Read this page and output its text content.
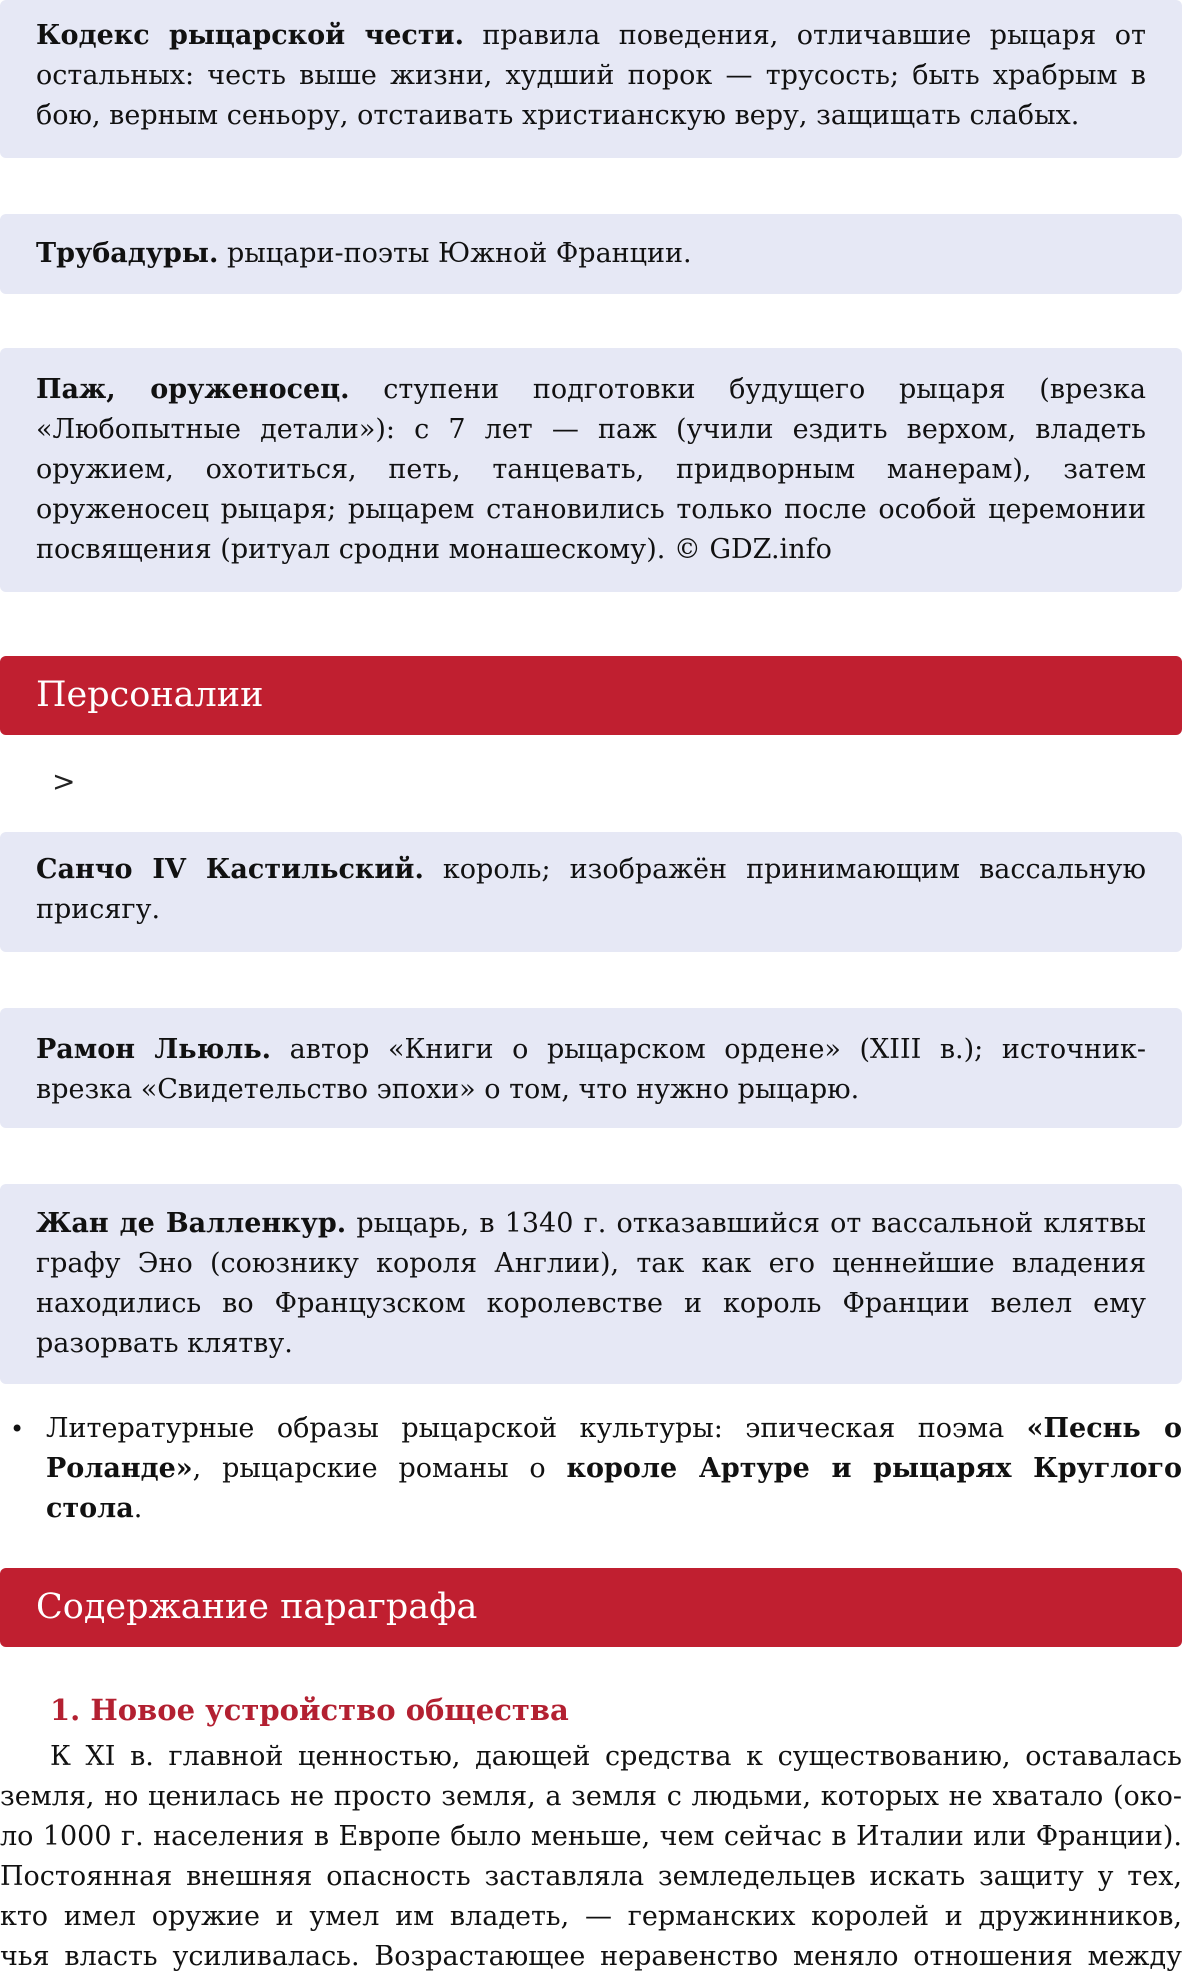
Кодекс рыцарской чести. правила поведения, отличавшие рыцаря от остальных: честь выше жизни, худший порок — трусость; быть храбрым в бою, верным сеньору, отстаивать христианскую веру, защищать слабых.
Трубадуры. рыцари-поэты Южной Франции.
Паж, оруженосец. ступени подготовки будущего рыцаря (врезка «Любопытные детали»): с 7 лет — паж (учили ездить верхом, владеть оружием, охотиться, петь, танцевать, придворным манерам), затем оруженосец рыцаря; рыцарем становились только после особой церемонии посвящения (ритуал сродни монашескому). © GDZ.info
Персоналии
>
Санчо IV Кастильский. король; изображён принимающим вассальную присягу.
Рамон Льюль. автор «Книги о рыцарском ордене» (XIII в.); источник-врезка «Свидетельство эпохи» о том, что нужно рыцарю.
Жан де Валленкур. рыцарь, в 1340 г. отказавшийся от вассальной клятвы графу Эно (союзнику короля Англии), так как его ценнейшие владения находились во Французском королевстве и король Франции велел ему разорвать клятву.
• Литературные образы рыцарской культуры: эпическая поэма «Песнь о Роланде», рыцарские романы о короле Артуре и рыцарях Круглого стола.
Содержание параграфа
1. Новое устройство общества
К XI в. главной ценностью, дающей средства к существованию, оставалась
земля, но ценилась не просто земля, а земля с людьми, которых не хватало (око-
ло 1000 г. населения в Европе было меньше, чем сейчас в Италии или Франции).
Постоянная внешняя опасность заставляла земледельцев искать защиту у тех,
кто имел оружие и умел им владеть, — германских королей и дружинников,
чья власть усиливалась. Возрастающее неравенство меняло отношения между
